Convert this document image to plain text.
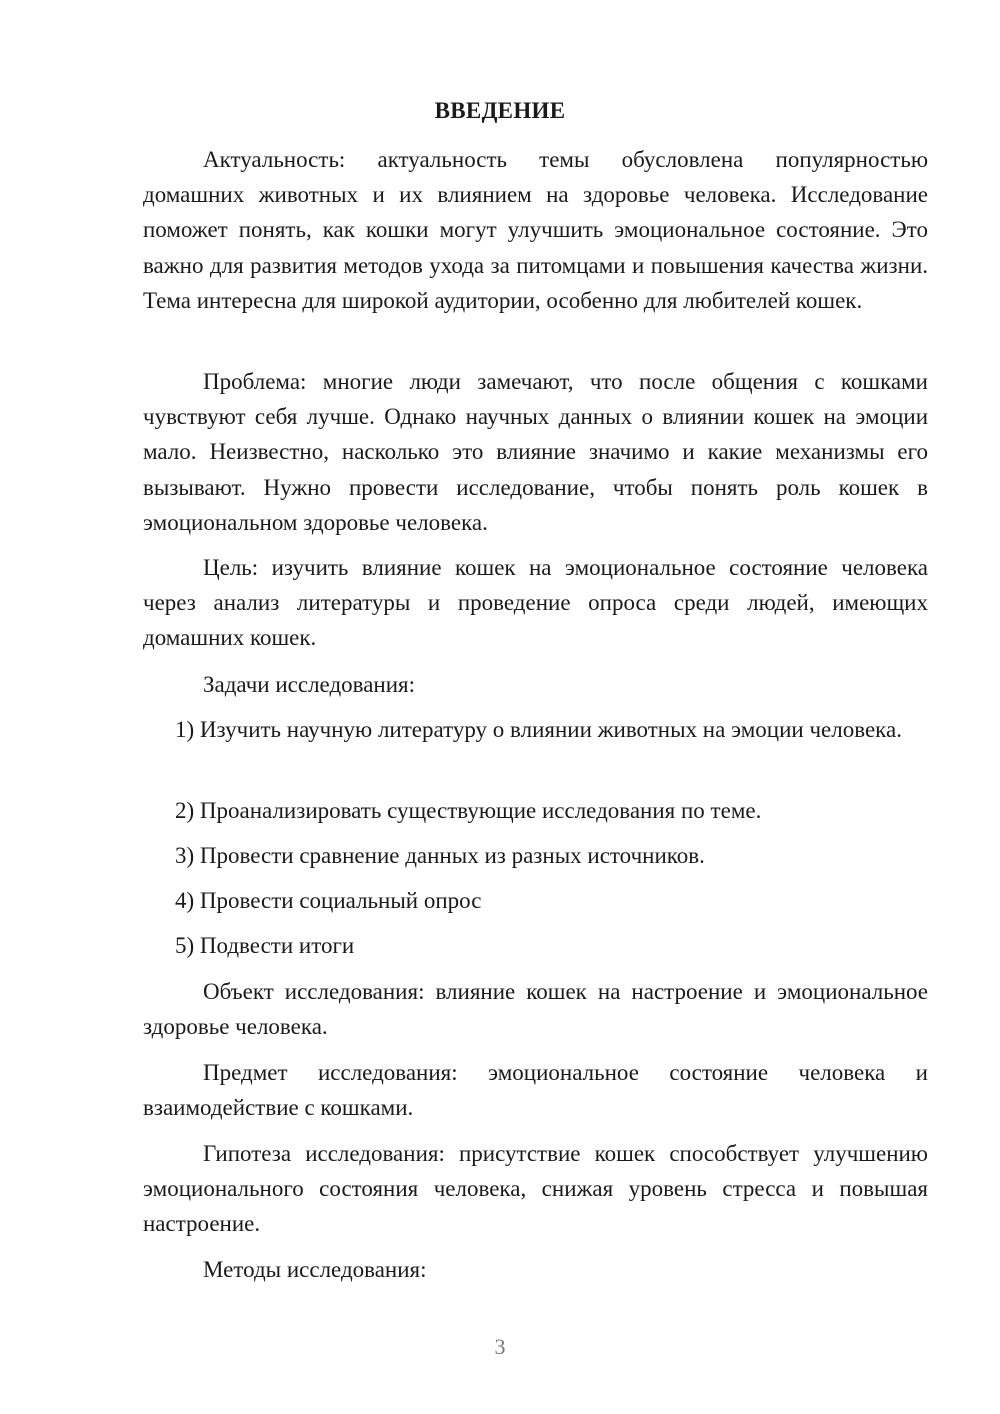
ВВЕДЕНИЕ

Актуальность: актуальность темы обусловлена популярностью домашних животных и их влиянием на здоровье человека. Исследование поможет понять, как кошки могут улучшить эмоциональное состояние. Это важно для развития методов ухода за питомцами и повышения качества жизни. Тема интересна для широкой аудитории, особенно для любителей кошек.

Проблема: многие люди замечают, что после общения с кошками чувствуют себя лучше. Однако научных данных о влиянии кошек на эмоции мало. Неизвестно, насколько это влияние значимо и какие механизмы его вызывают. Нужно провести исследование, чтобы понять роль кошек в эмоциональном здоровье человека.

Цель: изучить влияние кошек на эмоциональное состояние человека через анализ литературы и проведение опроса среди людей, имеющих домашних кошек.

Задачи исследования:

1) Изучить научную литературу о влиянии животных на эмоции человека.

2) Проанализировать существующие исследования по теме.

3) Провести сравнение данных из разных источников.

4) Провести социальный опрос

5) Подвести итоги

Объект исследования: влияние кошек на настроение и эмоциональное здоровье человека.

Предмет исследования: эмоциональное состояние человека и взаимодействие с кошками.

Гипотеза исследования: присутствие кошек способствует улучшению эмоционального состояния человека, снижая уровень стресса и повышая настроение.

Методы исследования:

3
